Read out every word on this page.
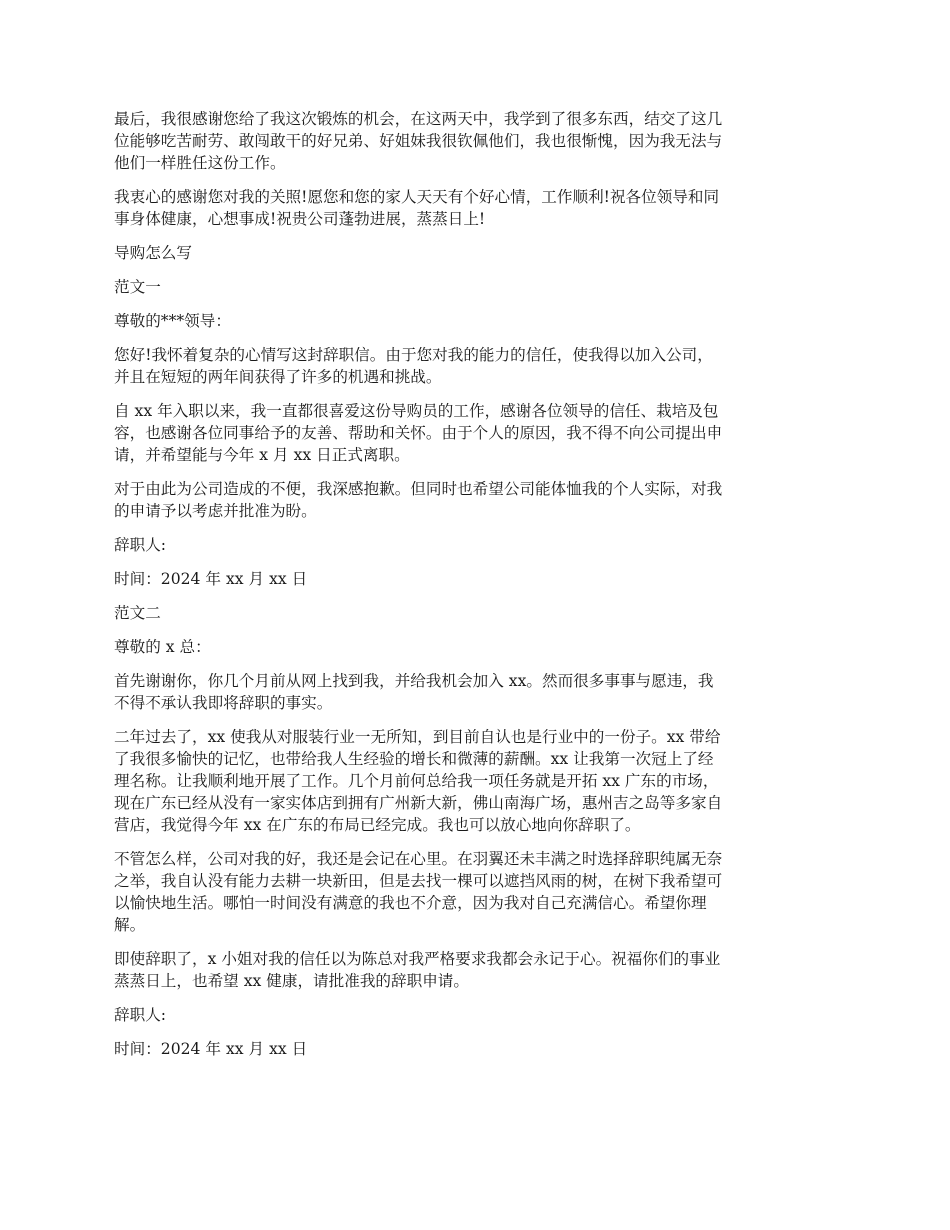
最后，我很感谢您给了我这次锻炼的机会，在这两天中，我学到了很多东西，结交了这几
位能够吃苦耐劳、敢闯敢干的好兄弟、好姐妹我很钦佩他们，我也很惭愧，因为我无法与
他们一样胜任这份工作。

我衷心的感谢您对我的关照!愿您和您的家人天天有个好心情，工作顺利!祝各位领导和同
事身体健康，心想事成!祝贵公司蓬勃进展，蒸蒸日上!

导购怎么写

范文一

尊敬的***领导：

您好!我怀着复杂的心情写这封辞职信。由于您对我的能力的信任，使我得以加入公司，
并且在短短的两年间获得了许多的机遇和挑战。

自 xx 年入职以来，我一直都很喜爱这份导购员的工作，感谢各位领导的信任、栽培及包
容，也感谢各位同事给予的友善、帮助和关怀。由于个人的原因，我不得不向公司提出申
请，并希望能与今年 x 月 xx 日正式离职。

对于由此为公司造成的不便，我深感抱歉。但同时也希望公司能体恤我的个人实际，对我
的申请予以考虑并批准为盼。

辞职人:

时间：2024 年 xx 月 xx 日

范文二

尊敬的 x 总：

首先谢谢你，你几个月前从网上找到我，并给我机会加入 xx。然而很多事事与愿违，我
不得不承认我即将辞职的事实。

二年过去了，xx 使我从对服装行业一无所知，到目前自认也是行业中的一份子。xx 带给
了我很多愉快的记忆，也带给我人生经验的增长和微薄的薪酬。xx 让我第一次冠上了经
理名称。让我顺利地开展了工作。几个月前何总给我一项任务就是开拓 xx 广东的市场，
现在广东已经从没有一家实体店到拥有广州新大新，佛山南海广场，惠州吉之岛等多家自
营店，我觉得今年 xx 在广东的布局已经完成。我也可以放心地向你辞职了。

不管怎么样，公司对我的好，我还是会记在心里。在羽翼还未丰满之时选择辞职纯属无奈
之举，我自认没有能力去耕一块新田，但是去找一棵可以遮挡风雨的树，在树下我希望可
以愉快地生活。哪怕一时间没有满意的我也不介意，因为我对自己充满信心。希望你理
解。

即使辞职了，x 小姐对我的信任以为陈总对我严格要求我都会永记于心。祝福你们的事业
蒸蒸日上，也希望 xx 健康，请批准我的辞职申请。

辞职人:

时间：2024 年 xx 月 xx 日
